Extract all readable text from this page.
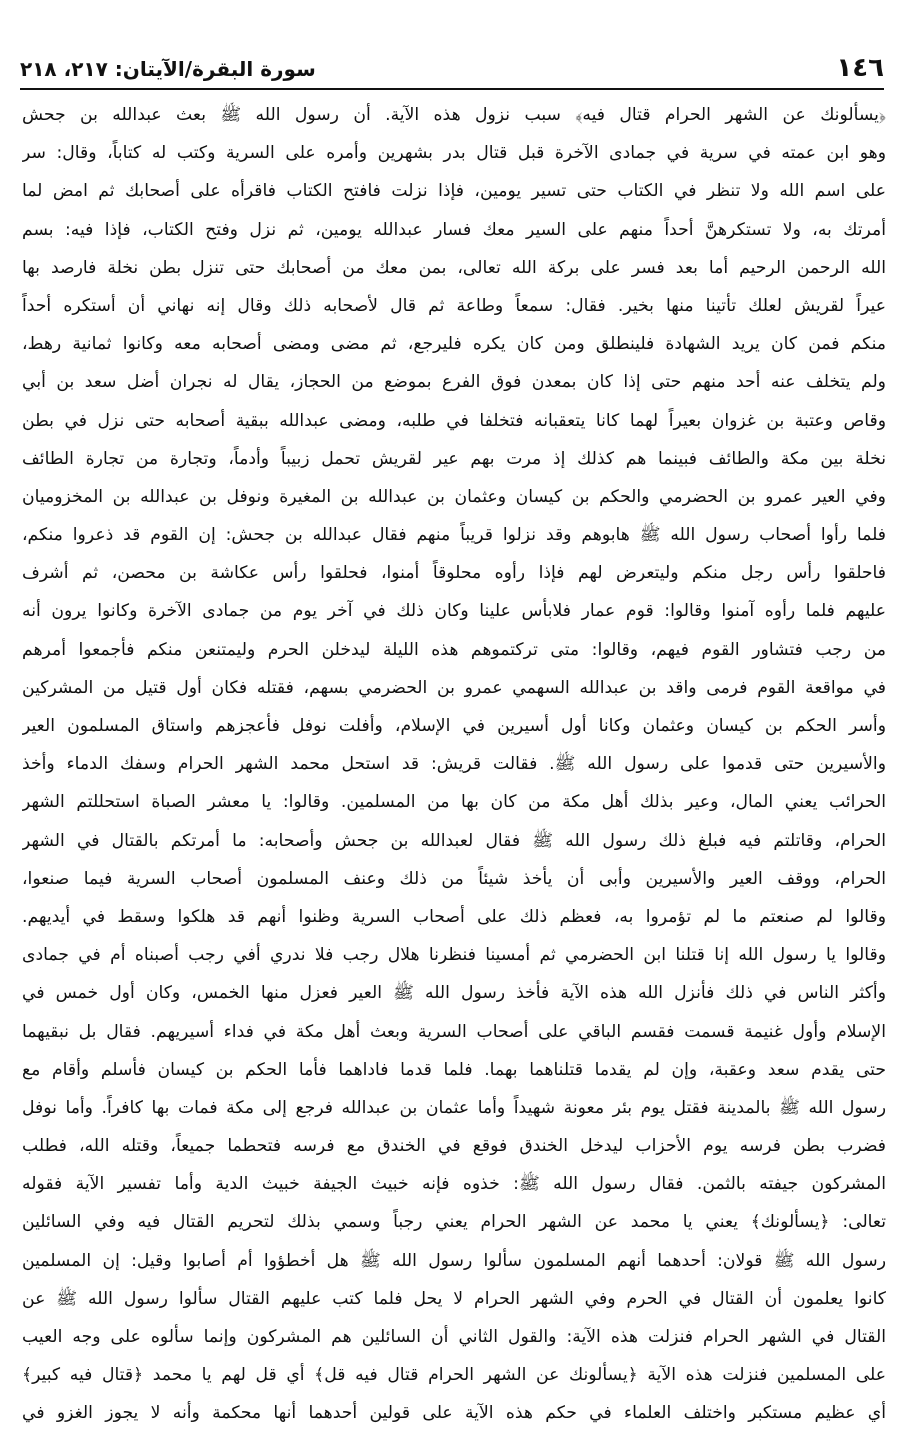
١٤٦
سورة البقرة/الآيتان: ٢١٧، ٢١٨
﴿يسألونك عن الشهر الحرام قتال فيه﴾ سبب نزول هذه الآية. أن رسول الله ﷺ بعث عبدالله بن جحش
وهو ابن عمته في سرية في جمادى الآخرة قبل قتال بدر بشهرين وأمره على السرية وكتب له كتاباً، وقال: سر
على اسم الله ولا تنظر في الكتاب حتى تسير يومين، فإذا نزلت فافتح الكتاب فاقرأه على أصحابك ثم امض لما
أمرتك به، ولا تستكرهنَّ أحداً منهم على السير معك فسار عبدالله يومين، ثم نزل وفتح الكتاب، فإذا فيه: بسم
الله الرحمن الرحيم أما بعد فسر على بركة الله تعالى، بمن معك من أصحابك حتى تنزل بطن نخلة فارصد بها
عيراً لقريش لعلك تأتينا منها بخير. فقال: سمعاً وطاعة ثم قال لأصحابه ذلك وقال إنه نهاني أن أستكره أحداً
منكم فمن كان يريد الشهادة فلينطلق ومن كان يكره فليرجع، ثم مضى ومضى أصحابه معه وكانوا ثمانية رهط،
ولم يتخلف عنه أحد منهم حتى إذا كان بمعدن فوق الفرع بموضع من الحجاز، يقال له نجران أضل سعد بن أبي
وقاص وعتبة بن غزوان بعيراً لهما كانا يتعقبانه فتخلفا في طلبه، ومضى عبدالله ببقية أصحابه حتى نزل في بطن
نخلة بين مكة والطائف فبينما هم كذلك إذ مرت بهم عير لقريش تحمل زبيباً وأدماً، وتجارة من تجارة الطائف
وفي العير عمرو بن الحضرمي والحكم بن كيسان وعثمان بن عبدالله بن المغيرة ونوفل بن عبدالله بن المخزوميان
فلما رأوا أصحاب رسول الله ﷺ هابوهم وقد نزلوا قريباً منهم فقال عبدالله بن جحش: إن القوم قد ذعروا منكم،
فاحلقوا رأس رجل منكم وليتعرض لهم فإذا رأوه محلوقاً أمنوا، فحلقوا رأس عكاشة بن محصن، ثم أشرف
عليهم فلما رأوه آمنوا وقالوا: قوم عمار فلابأس علينا وكان ذلك في آخر يوم من جمادى الآخرة وكانوا يرون أنه
من رجب فتشاور القوم فيهم، وقالوا: متى تركتموهم هذه الليلة ليدخلن الحرم وليمتنعن منكم فأجمعوا أمرهم
في مواقعة القوم فرمى واقد بن عبدالله السهمي عمرو بن الحضرمي بسهم، فقتله فكان أول قتيل من المشركين
وأسر الحكم بن كيسان وعثمان وكانا أول أسيرين في الإسلام، وأفلت نوفل فأعجزهم واستاق المسلمون العير
والأسيرين حتى قدموا على رسول الله ﷺ. فقالت قريش: قد استحل محمد الشهر الحرام وسفك الدماء وأخذ
الحرائب يعني المال، وعير بذلك أهل مكة من كان بها من المسلمين. وقالوا: يا معشر الصباة استحللتم الشهر
الحرام، وقاتلتم فيه فبلغ ذلك رسول الله ﷺ فقال لعبدالله بن جحش وأصحابه: ما أمرتكم بالقتال في الشهر
الحرام، ووقف العير والأسيرين وأبى أن يأخذ شيئاً من ذلك وعنف المسلمون أصحاب السرية فيما صنعوا،
وقالوا لم صنعتم ما لم تؤمروا به، فعظم ذلك على أصحاب السرية وظنوا أنهم قد هلكوا وسقط في أيديهم.
وقالوا يا رسول الله إنا قتلنا ابن الحضرمي ثم أمسينا فنظرنا هلال رجب فلا ندري أفي رجب أصبناه أم في جمادى
وأكثر الناس في ذلك فأنزل الله هذه الآية فأخذ رسول الله ﷺ العير فعزل منها الخمس، وكان أول خمس في
الإسلام وأول غنيمة قسمت فقسم الباقي على أصحاب السرية وبعث أهل مكة في فداء أسيريهم. فقال بل نبقيهما
حتى يقدم سعد وعقبة، وإن لم يقدما قتلناهما بهما. فلما قدما فاداهما فأما الحكم بن كيسان فأسلم وأقام مع
رسول الله ﷺ بالمدينة فقتل يوم بئر معونة شهيداً وأما عثمان بن عبدالله فرجع إلى مكة فمات بها كافراً. وأما نوفل
فضرب بطن فرسه يوم الأحزاب ليدخل الخندق فوقع في الخندق مع فرسه فتحطما جميعاً، وقتله الله، فطلب
المشركون جيفته بالثمن. فقال رسول الله ﷺ: خذوه فإنه خبيث الجيفة خبيث الدية وأما تفسير الآية فقوله
تعالى: ﴿يسألونك﴾ يعني يا محمد عن الشهر الحرام يعني رجباً وسمي بذلك لتحريم القتال فيه وفي السائلين
رسول الله ﷺ قولان: أحدهما أنهم المسلمون سألوا رسول الله ﷺ هل أخطؤوا أم أصابوا وقيل: إن المسلمين
كانوا يعلمون أن القتال في الحرم وفي الشهر الحرام لا يحل فلما كتب عليهم القتال سألوا رسول الله ﷺ عن
القتال في الشهر الحرام فنزلت هذه الآية: والقول الثاني أن السائلين هم المشركون وإنما سألوه على وجه العيب
على المسلمين فنزلت هذه الآية ﴿يسألونك عن الشهر الحرام قتال فيه قل﴾ أي قل لهم يا محمد ﴿قتال فيه كبير﴾
أي عظيم مستكبر واختلف العلماء في حكم هذه الآية على قولين أحدهما أنها محكمة وأنه لا يجوز الغزو في
